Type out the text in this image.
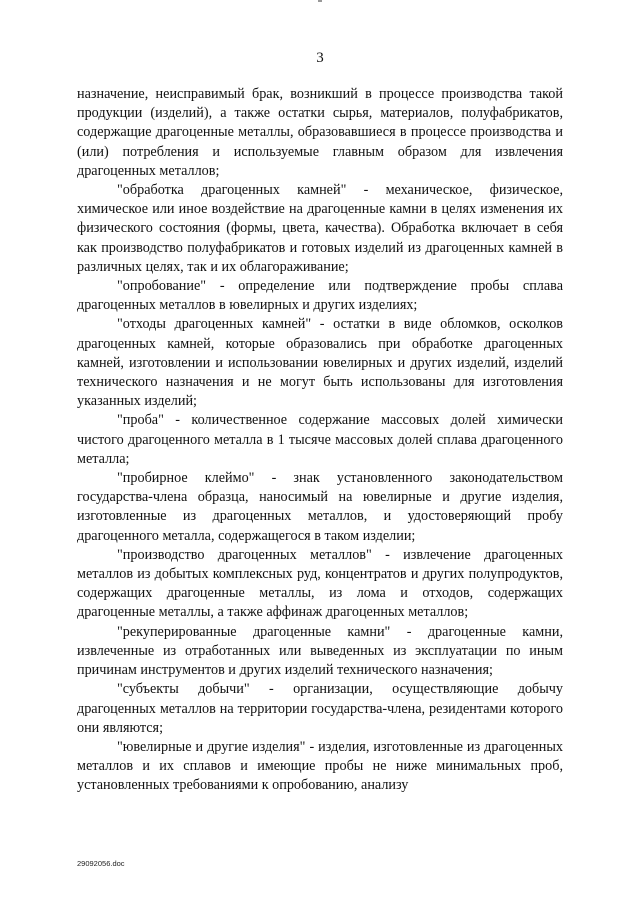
3

назначение, неисправимый брак, возникший в процессе производства такой продукции (изделий), а также остатки сырья, материалов, полуфабрикатов, содержащие драгоценные металлы, образовавшиеся в процессе производства и (или) потребления и используемые главным образом для извлечения драгоценных металлов;

"обработка драгоценных камней" - механическое, физическое, химическое или иное воздействие на драгоценные камни в целях изменения их физического состояния (формы, цвета, качества). Обработка включает в себя как производство полуфабрикатов и готовых изделий из драгоценных камней в различных целях, так и их облагораживание;

"опробование" - определение или подтверждение пробы сплава драгоценных металлов в ювелирных и других изделиях;

"отходы драгоценных камней" - остатки в виде обломков, осколков драгоценных камней, которые образовались при обработке драгоценных камней, изготовлении и использовании ювелирных и других изделий, изделий технического назначения и не могут быть использованы для изготовления указанных изделий;

"проба" - количественное содержание массовых долей химически чистого драгоценного металла в 1 тысяче массовых долей сплава драгоценного металла;

"пробирное клеймо" - знак установленного законодательством государства-члена образца, наносимый на ювелирные и другие изделия, изготовленные из драгоценных металлов, и удостоверяющий пробу драгоценного металла, содержащегося в таком изделии;

"производство драгоценных металлов" - извлечение драгоценных металлов из добытых комплексных руд, концентратов и других полупродуктов, содержащих драгоценные металлы, из лома и отходов, содержащих драгоценные металлы, а также аффинаж драгоценных металлов;

"рекуперированные драгоценные камни" - драгоценные камни, извлеченные из отработанных или выведенных из эксплуатации по иным причинам инструментов и других изделий технического назначения;

"субъекты добычи" - организации, осуществляющие добычу драгоценных металлов на территории государства-члена, резидентами которого они являются;

"ювелирные и другие изделия" - изделия, изготовленные из драгоценных металлов и их сплавов и имеющие пробы не ниже минимальных проб, установленных требованиями к опробованию, анализу

29092056.doc
